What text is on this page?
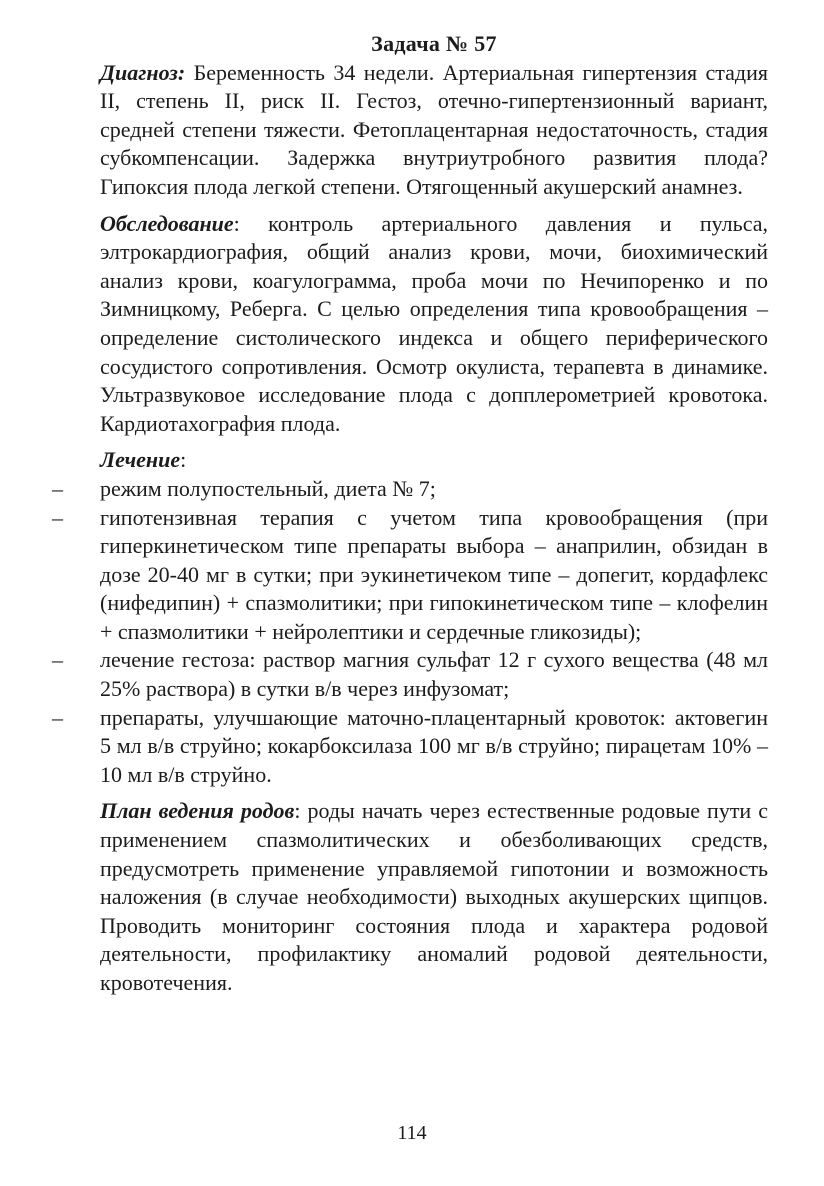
Задача № 57

Диагноз: Беременность 34 недели. Артериальная гипертензия стадия II, степень II, риск II. Гестоз, отечно-гипертензионный вариант, средней степени тяжести. Фетоплацентарная недостаточность, стадия субкомпенсации. Задержка внутриутробного развития плода? Гипоксия плода легкой степени. Отягощенный акушерский анамнез.

Обследование: контроль артериального давления и пульса, элтрокардиография, общий анализ крови, мочи, биохимический анализ крови, коагулограмма, проба мочи по Нечипоренко и по Зимницкому, Реберга. С целью определения типа кровообращения – определение систолического индекса и общего периферического сосудистого сопротивления. Осмотр окулиста, терапевта в динамике. Ультразвуковое исследование плода с допплерометрией кровотока. Кардиотахография плода.

Лечение:

–	режим полупостельный, диета № 7;
–	гипотензивная терапия с учетом типа кровообращения (при гиперкинетическом типе препараты выбора – анаприлин, обзидан в дозе 20-40 мг в сутки; при эукинетичеком типе – допегит, кордафлекс (нифедипин) + спазмолитики; при гипокинетическом типе – клофелин + спазмолитики + нейролептики и сердечные гликозиды);
–	лечение гестоза: раствор магния сульфат 12 г сухого вещества (48 мл 25% раствора) в сутки в/в через инфузомат;
–	препараты, улучшающие маточно-плацентарный кровоток: актовегин 5 мл в/в струйно; кокарбоксилаза 100 мг в/в струйно; пирацетам 10% – 10 мл в/в струйно.

План ведения родов: роды начать через естественные родовые пути с применением спазмолитических и обезболивающих средств, предусмотреть применение управляемой гипотонии и возможность наложения (в случае необходимости) выходных акушерских щипцов. Проводить мониторинг состояния плода и характера родовой деятельности, профилактику аномалий родовой деятельности, кровотечения.

114
